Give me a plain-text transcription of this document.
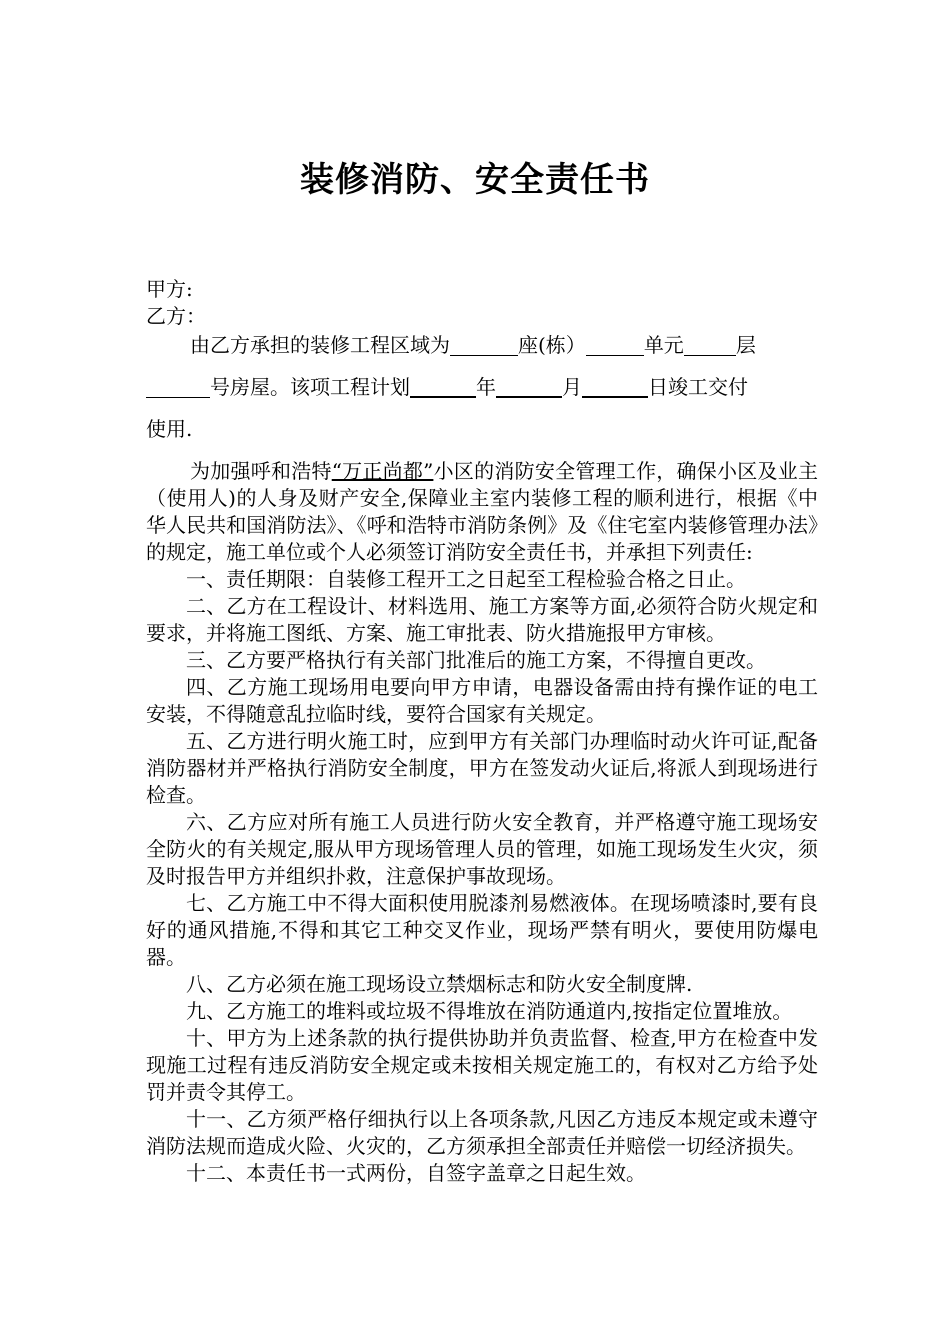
装修消防、安全责任书
甲方:
乙方：
由乙方承担的装修工程区域为	座(栋）	单元	层
号房屋。该项工程计划	年	月	日竣工交付
使用.
为加强呼和浩特“万正尚都”小区的消防安全管理工作，确保小区及业主（使用人)的人身及财产安全,保障业主室内装修工程的顺利进行，根据《中华人民共和国消防法》、《呼和浩特市消防条例》及《住宅室内装修管理办法》的规定，施工单位或个人必须签订消防安全责任书，并承担下列责任:
一、责任期限：自装修工程开工之日起至工程检验合格之日止。
二、乙方在工程设计、材料选用、施工方案等方面,必须符合防火规定和要求，并将施工图纸、方案、施工审批表、防火措施报甲方审核。
三、乙方要严格执行有关部门批准后的施工方案，不得擅自更改。
四、乙方施工现场用电要向甲方申请，电器设备需由持有操作证的电工安装，不得随意乱拉临时线，要符合国家有关规定。
五、乙方进行明火施工时，应到甲方有关部门办理临时动火许可证,配备消防器材并严格执行消防安全制度，甲方在签发动火证后,将派人到现场进行检查。
六、乙方应对所有施工人员进行防火安全教育，并严格遵守施工现场安全防火的有关规定,服从甲方现场管理人员的管理，如施工现场发生火灾，须及时报告甲方并组织扑救，注意保护事故现场。
七、乙方施工中不得大面积使用脱漆剂易燃液体。在现场喷漆时,要有良好的通风措施,不得和其它工种交叉作业，现场严禁有明火，要使用防爆电器。
八、乙方必须在施工现场设立禁烟标志和防火安全制度牌.
九、乙方施工的堆料或垃圾不得堆放在消防通道内,按指定位置堆放。
十、甲方为上述条款的执行提供协助并负责监督、检查,甲方在检查中发现施工过程有违反消防安全规定或未按相关规定施工的，有权对乙方给予处罚并责令其停工。
十一、乙方须严格仔细执行以上各项条款,凡因乙方违反本规定或未遵守消防法规而造成火险、火灾的，乙方须承担全部责任并赔偿一切经济损失。
十二、本责任书一式两份，自签字盖章之日起生效。
